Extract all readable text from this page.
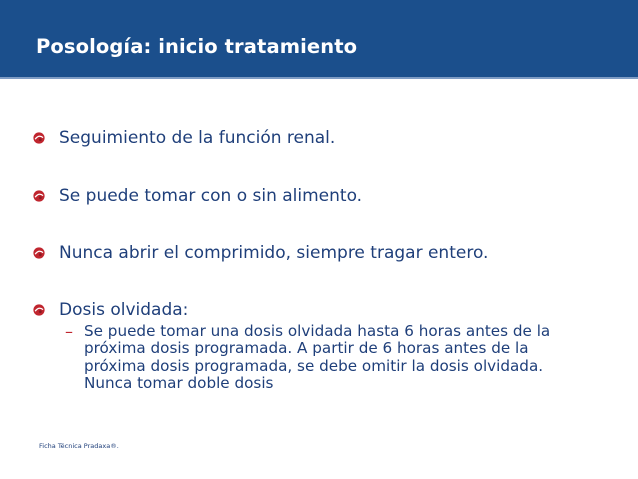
Posología: inicio tratamiento
Seguimiento de la función renal.
Se puede tomar con o sin alimento.
Nunca abrir el comprimido, siempre tragar entero.
Dosis olvidada:
– Se puede tomar una dosis olvidada hasta 6 horas antes de la próxima dosis programada. A partir de 6 horas antes de la próxima dosis programada, se debe omitir la dosis olvidada. Nunca tomar doble dosis
Ficha Técnica Pradaxa®.
